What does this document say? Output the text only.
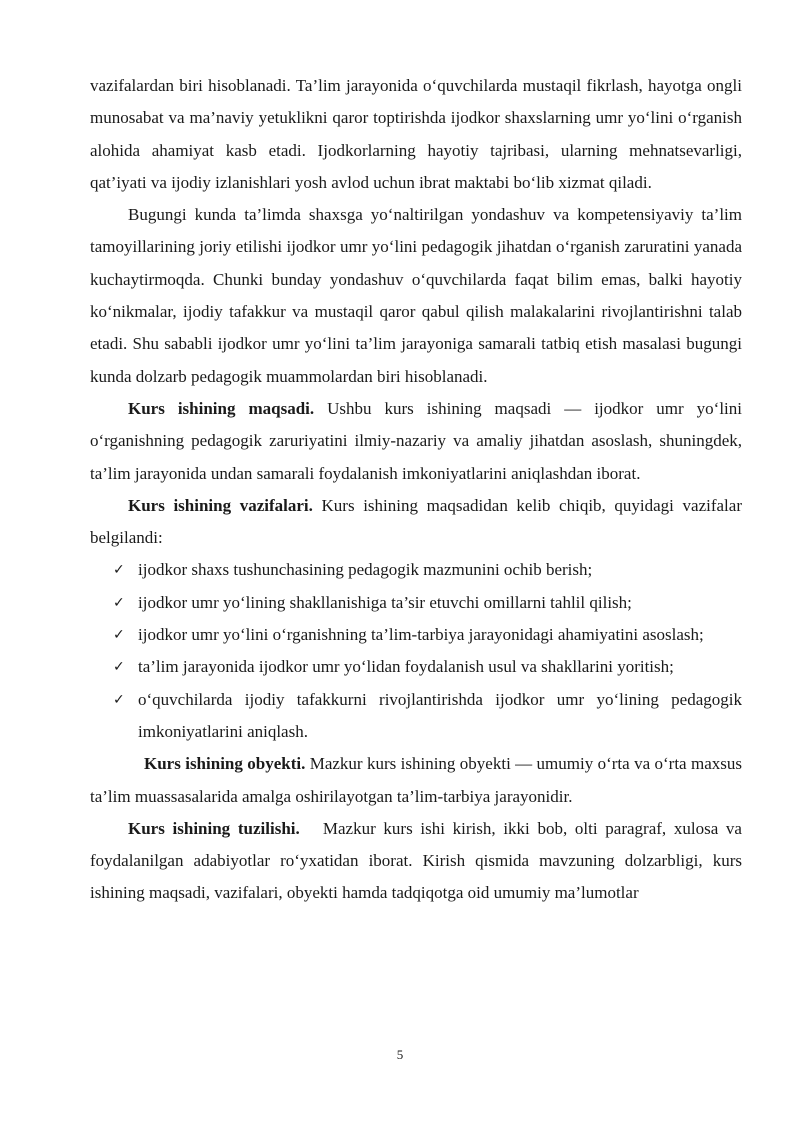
vazifalardan biri hisoblanadi. Ta’lim jarayonida o‘quvchilarda mustaqil fikrlash, hayotga ongli munosabat va ma’naviy yetuklikni qaror toptirishda ijodkor shaxslarning umr yo‘lini o‘rganish alohida ahamiyat kasb etadi. Ijodkorlarning hayotiy tajribasi, ularning mehnatsevarligi, qat’iyati va ijodiy izlanishlari yosh avlod uchun ibrat maktabi bo‘lib xizmat qiladi.

Bugungi kunda ta’limda shaxsga yo‘naltirilgan yondashuv va kompetensiyaviy ta’lim tamoyillarining joriy etilishi ijodkor umr yo‘lini pedagogik jihatdan o‘rganish zaruratini yanada kuchaytirmoqda. Chunki bunday yondashuv o‘quvchilarda faqat bilim emas, balki hayotiy ko‘nikmalar, ijodiy tafakkur va mustaqil qaror qabul qilish malakalarini rivojlantirishni talab etadi. Shu sababli ijodkor umr yo‘lini ta’lim jarayoniga samarali tatbiq etish masalasi bugungi kunda dolzarb pedagogik muammolardan biri hisoblanadi.

Kurs ishining maqsadi. Ushbu kurs ishining maqsadi — ijodkor umr yo‘lini o‘rganishning pedagogik zaruriyatini ilmiy-nazariy va amaliy jihatdan asoslash, shuningdek, ta’lim jarayonida undan samarali foydalanish imkoniyatlarini aniqlashdan iborat.

Kurs ishining vazifalari. Kurs ishining maqsadidan kelib chiqib, quyidagi vazifalar belgilandi:

✓ ijodkor shaxs tushunchasining pedagogik mazmunini ochib berish;
✓ ijodkor umr yo‘lining shakllanishiga ta’sir etuvchi omillarni tahlil qilish;
✓ ijodkor umr yo‘lini o‘rganishning ta’lim-tarbiya jarayonidagi ahamiyatini asoslash;
✓ ta’lim jarayonida ijodkor umr yo‘lidan foydalanish usul va shakllarini yoritish;
✓ o‘quvchilarda ijodiy tafakkurni rivojlantirishda ijodkor umr yo‘lining pedagogik imkoniyatlarini aniqlash.

Kurs ishining obyekti. Mazkur kurs ishining obyekti — umumiy o‘rta va o‘rta maxsus ta’lim muassasalarida amalga oshirilayotgan ta’lim-tarbiya jarayonidir.

Kurs ishining tuzilishi.   Mazkur kurs ishi kirish, ikki bob, olti paragraf, xulosa va foydalanilgan adabiyotlar ro‘yxatidan iborat. Kirish qismida mavzuning dolzarbligi, kurs ishining maqsadi, vazifalari, obyekti hamda tadqiqotga oid umumiy ma’lumotlar

5
